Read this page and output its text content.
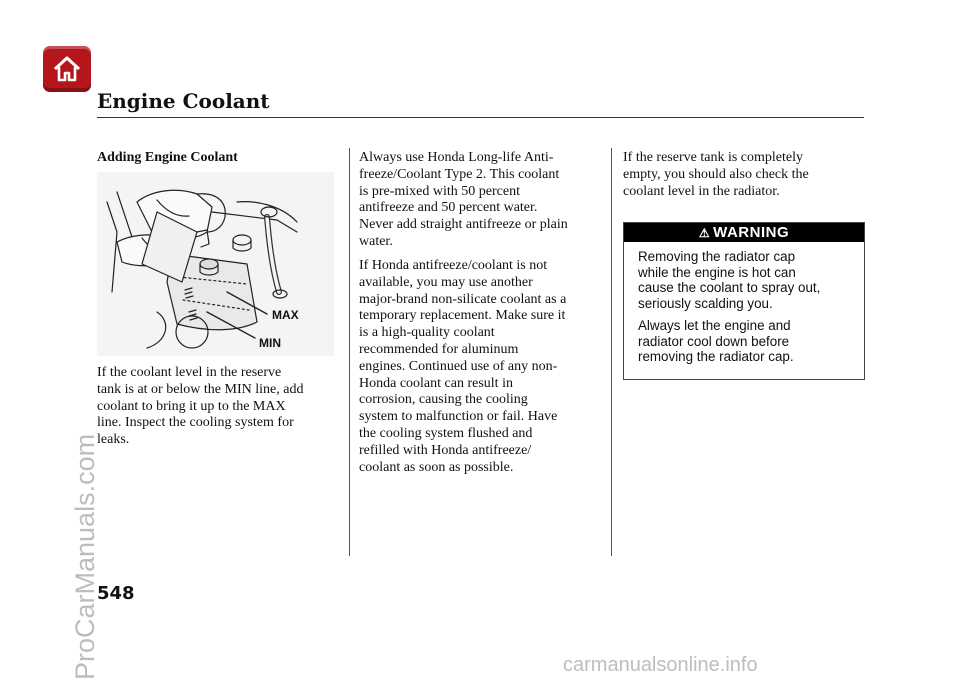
Engine Coolant
Adding Engine Coolant
MAX
MIN

If the coolant level in the reserve
tank is at or below the MIN line, add
coolant to bring it up to the MAX
line. Inspect the cooling system for
leaks.

Always use Honda Long-life Anti-
freeze/Coolant Type 2. This coolant
is pre-mixed with 50 percent
antifreeze and 50 percent water.
Never add straight antifreeze or plain
water.

If Honda antifreeze/coolant is not
available, you may use another
major-brand non-silicate coolant as a
temporary replacement. Make sure it
is a high-quality coolant
recommended for aluminum
engines. Continued use of any non-
Honda coolant can result in
corrosion, causing the cooling
system to malfunction or fail. Have
the cooling system flushed and
refilled with Honda antifreeze/
coolant as soon as possible.

If the reserve tank is completely
empty, you should also check the
coolant level in the radiator.

⚠ WARNING

Removing the radiator cap
while the engine is hot can
cause the coolant to spray out,
seriously scalding you.

Always let the engine and
radiator cool down before
removing the radiator cap.

548
ProCarManuals.com	carmanualsonline.info
